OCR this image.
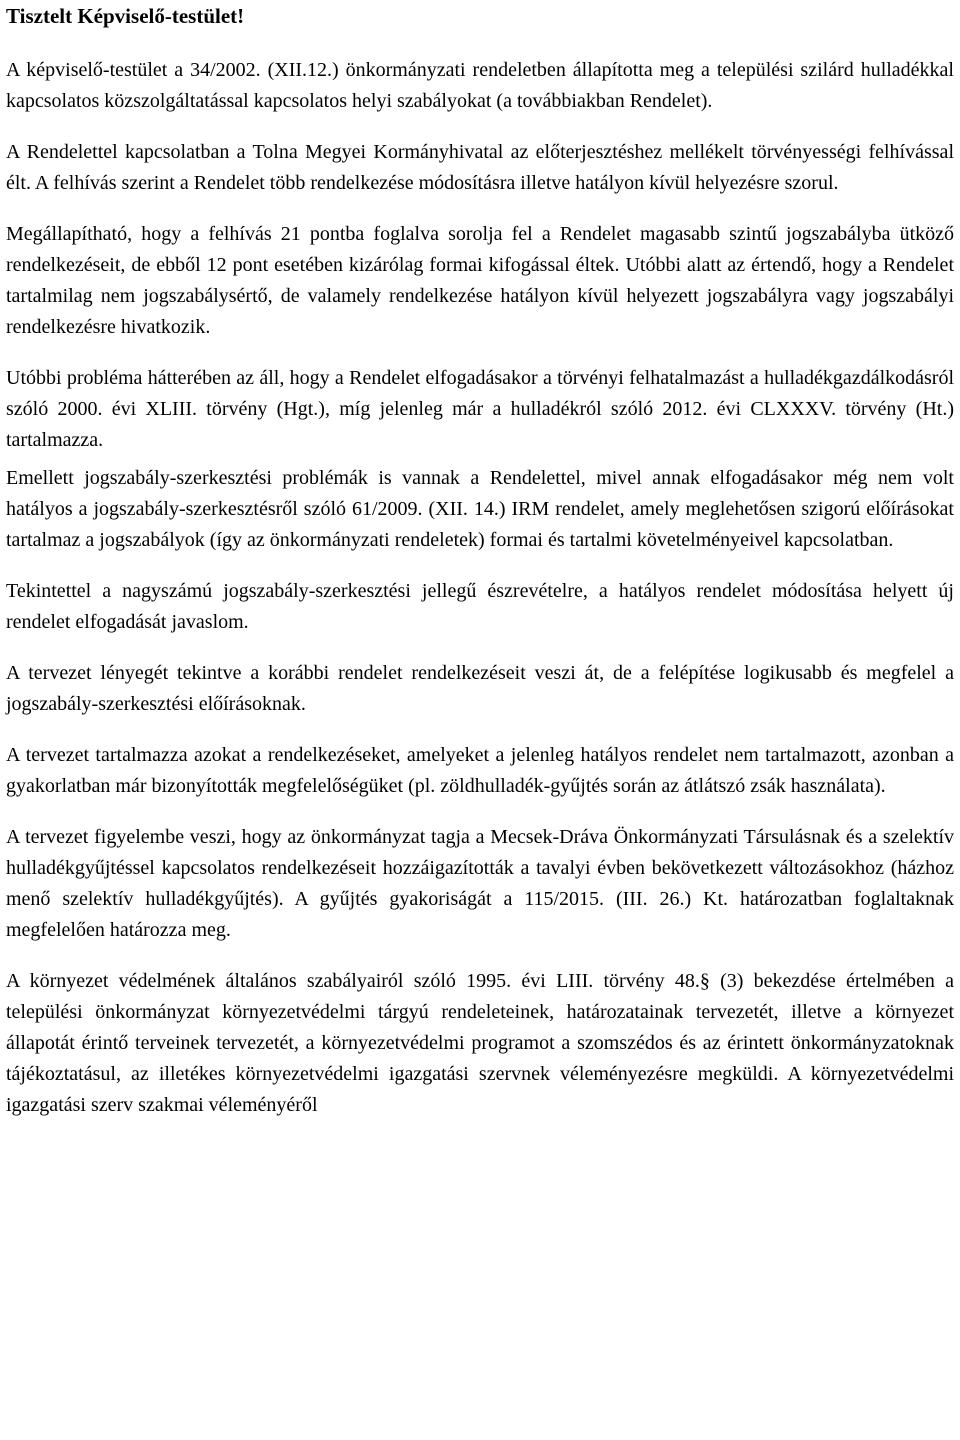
Tisztelt Képviselő-testület!

A képviselő-testület a 34/2002. (XII.12.) önkormányzati rendeletben állapította meg a települési szilárd hulladékkal kapcsolatos közszolgáltatással kapcsolatos helyi szabályokat (a továbbiakban Rendelet).

A Rendelettel kapcsolatban a Tolna Megyei Kormányhivatal az előterjesztéshez mellékelt törvényességi felhívással élt. A felhívás szerint a Rendelet több rendelkezése módosításra illetve hatályon kívül helyezésre szorul.

Megállapítható, hogy a felhívás 21 pontba foglalva sorolja fel a Rendelet magasabb szintű jogszabályba ütköző rendelkezéseit, de ebből 12 pont esetében kizárólag formai kifogással éltek. Utóbbi alatt az értendő, hogy a Rendelet tartalmilag nem jogszabálysértő, de valamely rendelkezése hatályon kívül helyezett jogszabályra vagy jogszabályi rendelkezésre hivatkozik.

Utóbbi probléma hátterében az áll, hogy a Rendelet elfogadásakor a törvényi felhatalmazást a hulladékgazdálkodásról szóló 2000. évi XLIII. törvény (Hgt.), míg jelenleg már a hulladékról szóló 2012. évi CLXXXV. törvény (Ht.) tartalmazza.

Emellett jogszabály-szerkesztési problémák is vannak a Rendelettel, mivel annak elfogadásakor még nem volt hatályos a jogszabály-szerkesztésről szóló 61/2009. (XII. 14.) IRM rendelet, amely meglehetősen szigorú előírásokat tartalmaz a jogszabályok (így az önkormányzati rendeletek) formai és tartalmi követelményeivel kapcsolatban.

Tekintettel a nagyszámú jogszabály-szerkesztési jellegű észrevételre, a hatályos rendelet módosítása helyett új rendelet elfogadását javaslom.

A tervezet lényegét tekintve a korábbi rendelet rendelkezéseit veszi át, de a felépítése logikusabb és megfelel a jogszabály-szerkesztési előírásoknak.

A tervezet tartalmazza azokat a rendelkezéseket, amelyeket a jelenleg hatályos rendelet nem tartalmazott, azonban a gyakorlatban már bizonyították megfelelőségüket (pl. zöldhulladék-gyűjtés során az átlátszó zsák használata).

A tervezet figyelembe veszi, hogy az önkormányzat tagja a Mecsek-Dráva Önkormányzati Társulásnak és a szelektív hulladékgyűjtéssel kapcsolatos rendelkezéseit hozzáigazították a tavalyi évben bekövetkezett változásokhoz (házhoz menő szelektív hulladékgyűjtés). A gyűjtés gyakoriságát a 115/2015. (III. 26.) Kt. határozatban foglaltaknak megfelelően határozza meg.

A környezet védelmének általános szabályairól szóló 1995. évi LIII. törvény 48.§ (3) bekezdése értelmében a települési önkormányzat környezetvédelmi tárgyú rendeleteinek, határozatainak tervezetét, illetve a környezet állapotát érintő terveinek tervezetét, a környezetvédelmi programot a szomszédos és az érintett önkormányzatoknak tájékoztatásul, az illetékes környezetvédelmi igazgatási szervnek véleményezésre megküldi. A környezetvédelmi igazgatási szerv szakmai véleményéről
